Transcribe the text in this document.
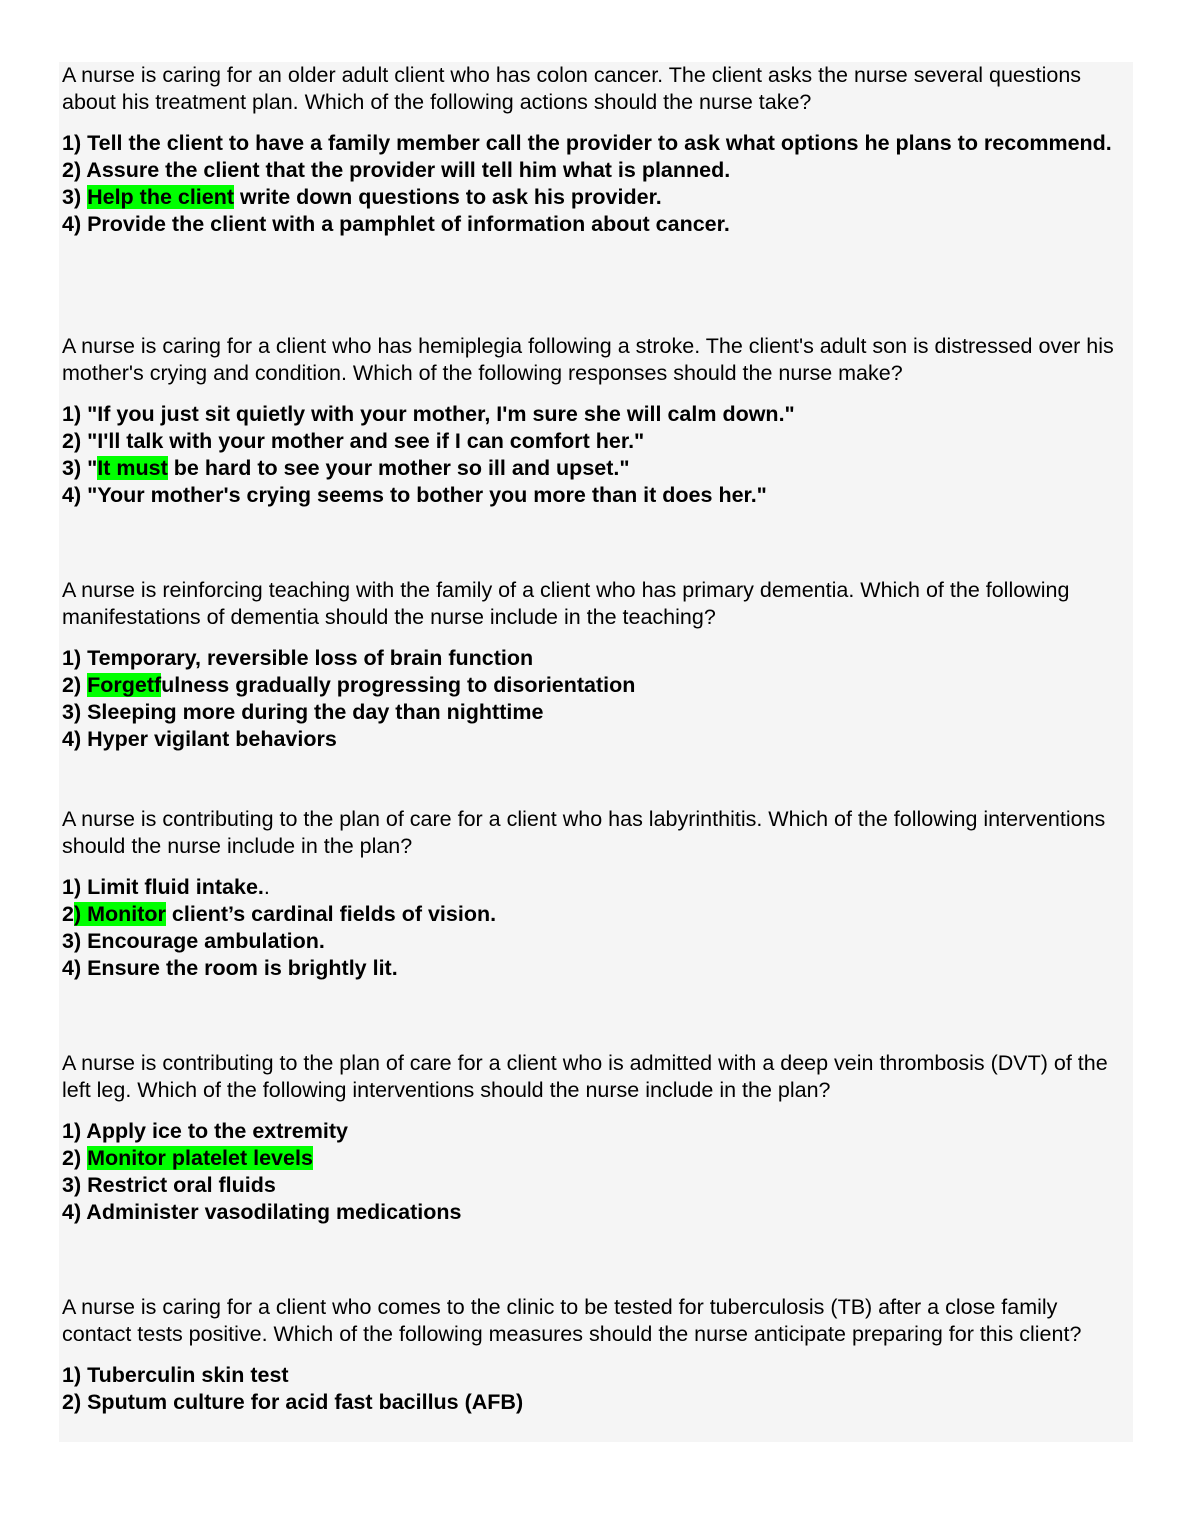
A nurse is caring for an older adult client who has colon cancer. The client asks the nurse several questions about his treatment plan. Which of the following actions should the nurse take?

1) Tell the client to have a family member call the provider to ask what options he plans to recommend.
2) Assure the client that the provider will tell him what is planned.
3) Help the client write down questions to ask his provider.
4) Provide the client with a pamphlet of information about cancer.

A nurse is caring for a client who has hemiplegia following a stroke. The client's adult son is distressed over his mother's crying and condition. Which of the following responses should the nurse make?

1) "If you just sit quietly with your mother, I'm sure she will calm down."
2) "I'll talk with your mother and see if I can comfort her."
3) "It must be hard to see your mother so ill and upset."
4) "Your mother's crying seems to bother you more than it does her."

A nurse is reinforcing teaching with the family of a client who has primary dementia. Which of the following manifestations of dementia should the nurse include in the teaching?

1) Temporary, reversible loss of brain function
2) Forgetfulness gradually progressing to disorientation
3) Sleeping more during the day than nighttime
4) Hyper vigilant behaviors

A nurse is contributing to the plan of care for a client who has labyrinthitis. Which of the following interventions should the nurse include in the plan?

1) Limit fluid intake..
2) Monitor client’s cardinal fields of vision.
3) Encourage ambulation.
4) Ensure the room is brightly lit.

A nurse is contributing to the plan of care for a client who is admitted with a deep vein thrombosis (DVT) of the left leg. Which of the following interventions should the nurse include in the plan?

1) Apply ice to the extremity
2) Monitor platelet levels
3) Restrict oral fluids
4) Administer vasodilating medications

A nurse is caring for a client who comes to the clinic to be tested for tuberculosis (TB) after a close family contact tests positive. Which of the following measures should the nurse anticipate preparing for this client?

1) Tuberculin skin test
2) Sputum culture for acid fast bacillus (AFB)
